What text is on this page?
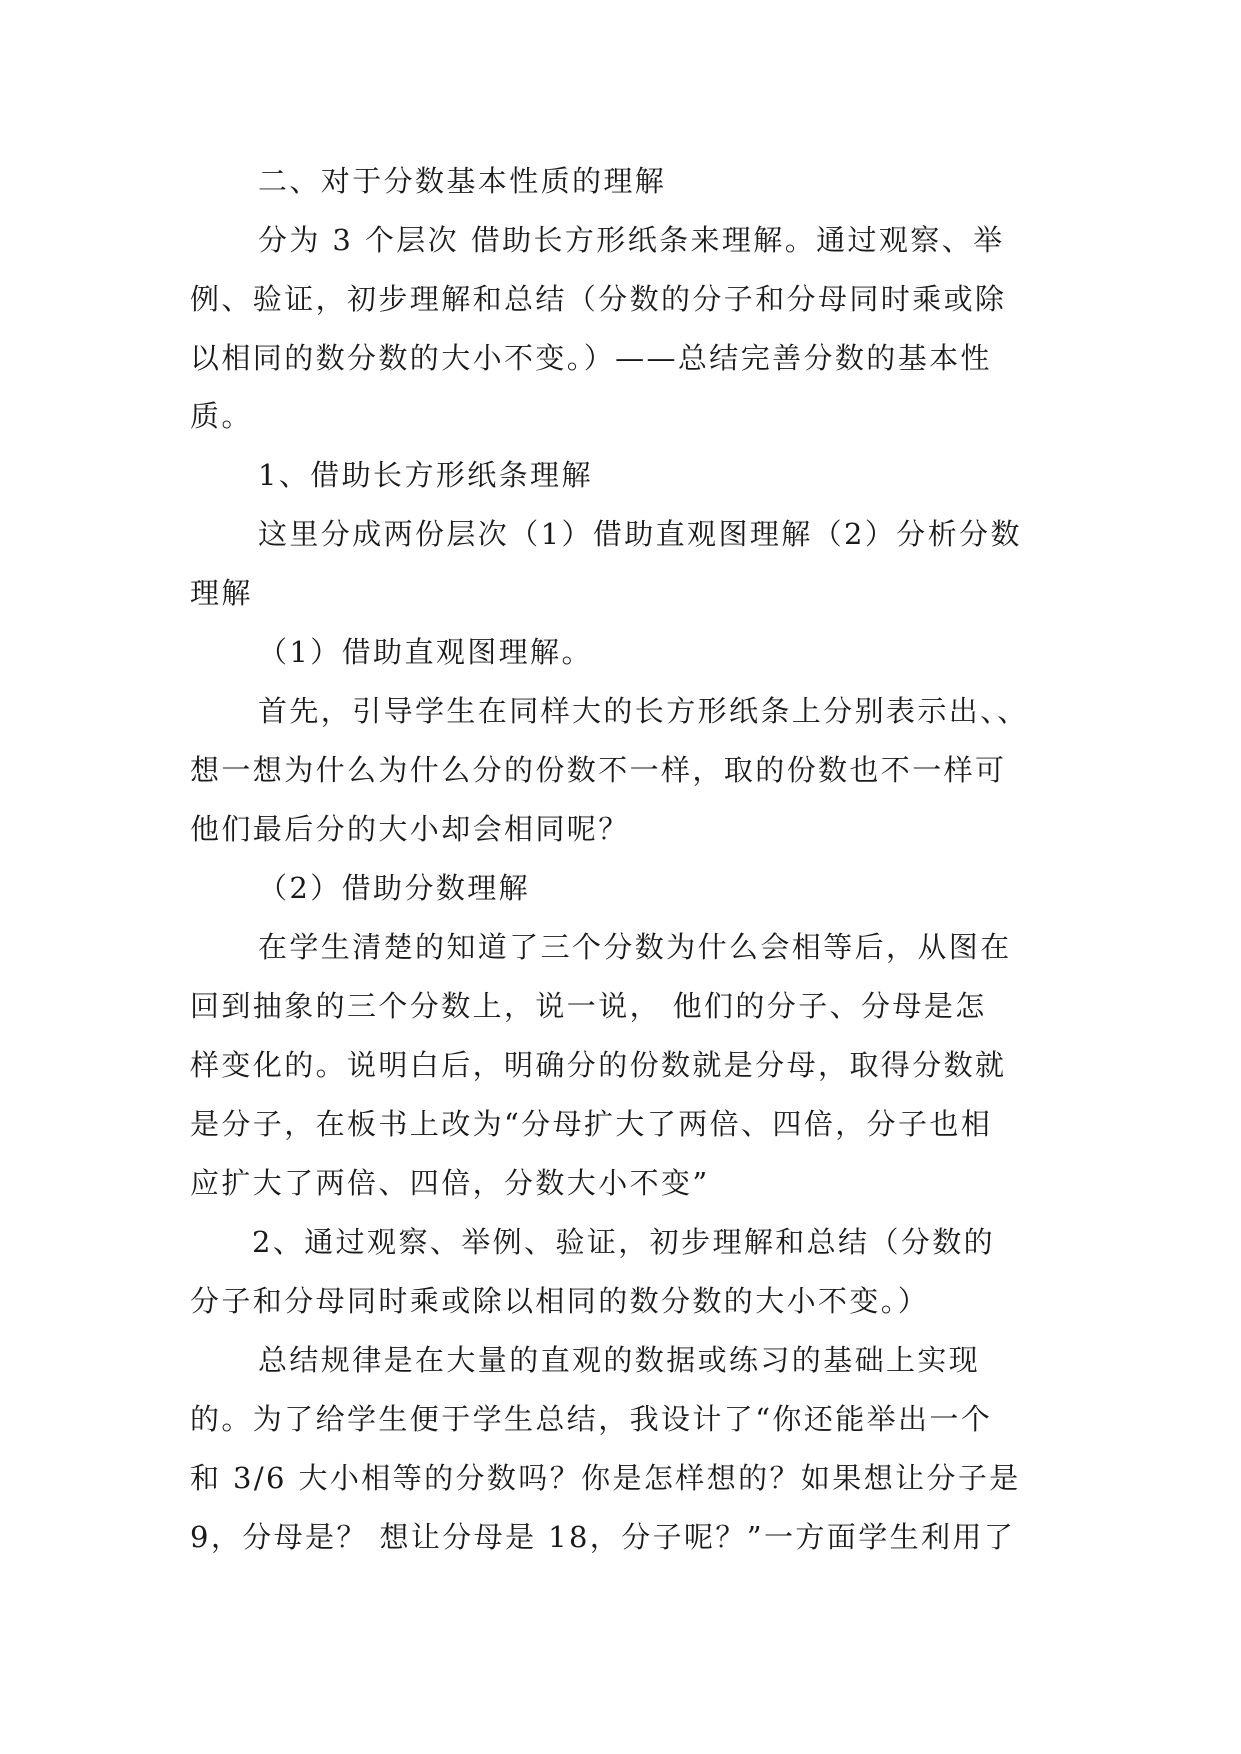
二、对于分数基本性质的理解
分为 3 个层次 借助长方形纸条来理解。通过观察、举
例、验证，初步理解和总结（分数的分子和分母同时乘或除
以相同的数分数的大小不变。）——总结完善分数的基本性
质。
1、借助长方形纸条理解
这里分成两份层次（1）借助直观图理解（2）分析分数
理解
（1）借助直观图理解。
首先，引导学生在同样大的长方形纸条上分别表示出、、
想一想为什么为什么分的份数不一样，取的份数也不一样可
他们最后分的大小却会相同呢？
（2）借助分数理解
在学生清楚的知道了三个分数为什么会相等后，从图在
回到抽象的三个分数上，说一说， 他们的分子、分母是怎
样变化的。说明白后，明确分的份数就是分母，取得分数就
是分子，在板书上改为“分母扩大了两倍、四倍，分子也相
应扩大了两倍、四倍，分数大小不变”
2、通过观察、举例、验证，初步理解和总结（分数的
分子和分母同时乘或除以相同的数分数的大小不变。）
总结规律是在大量的直观的数据或练习的基础上实现
的。为了给学生便于学生总结，我设计了“你还能举出一个
和 3/6 大小相等的分数吗？你是怎样想的？如果想让分子是
9，分母是？ 想让分母是 18，分子呢？”一方面学生利用了
